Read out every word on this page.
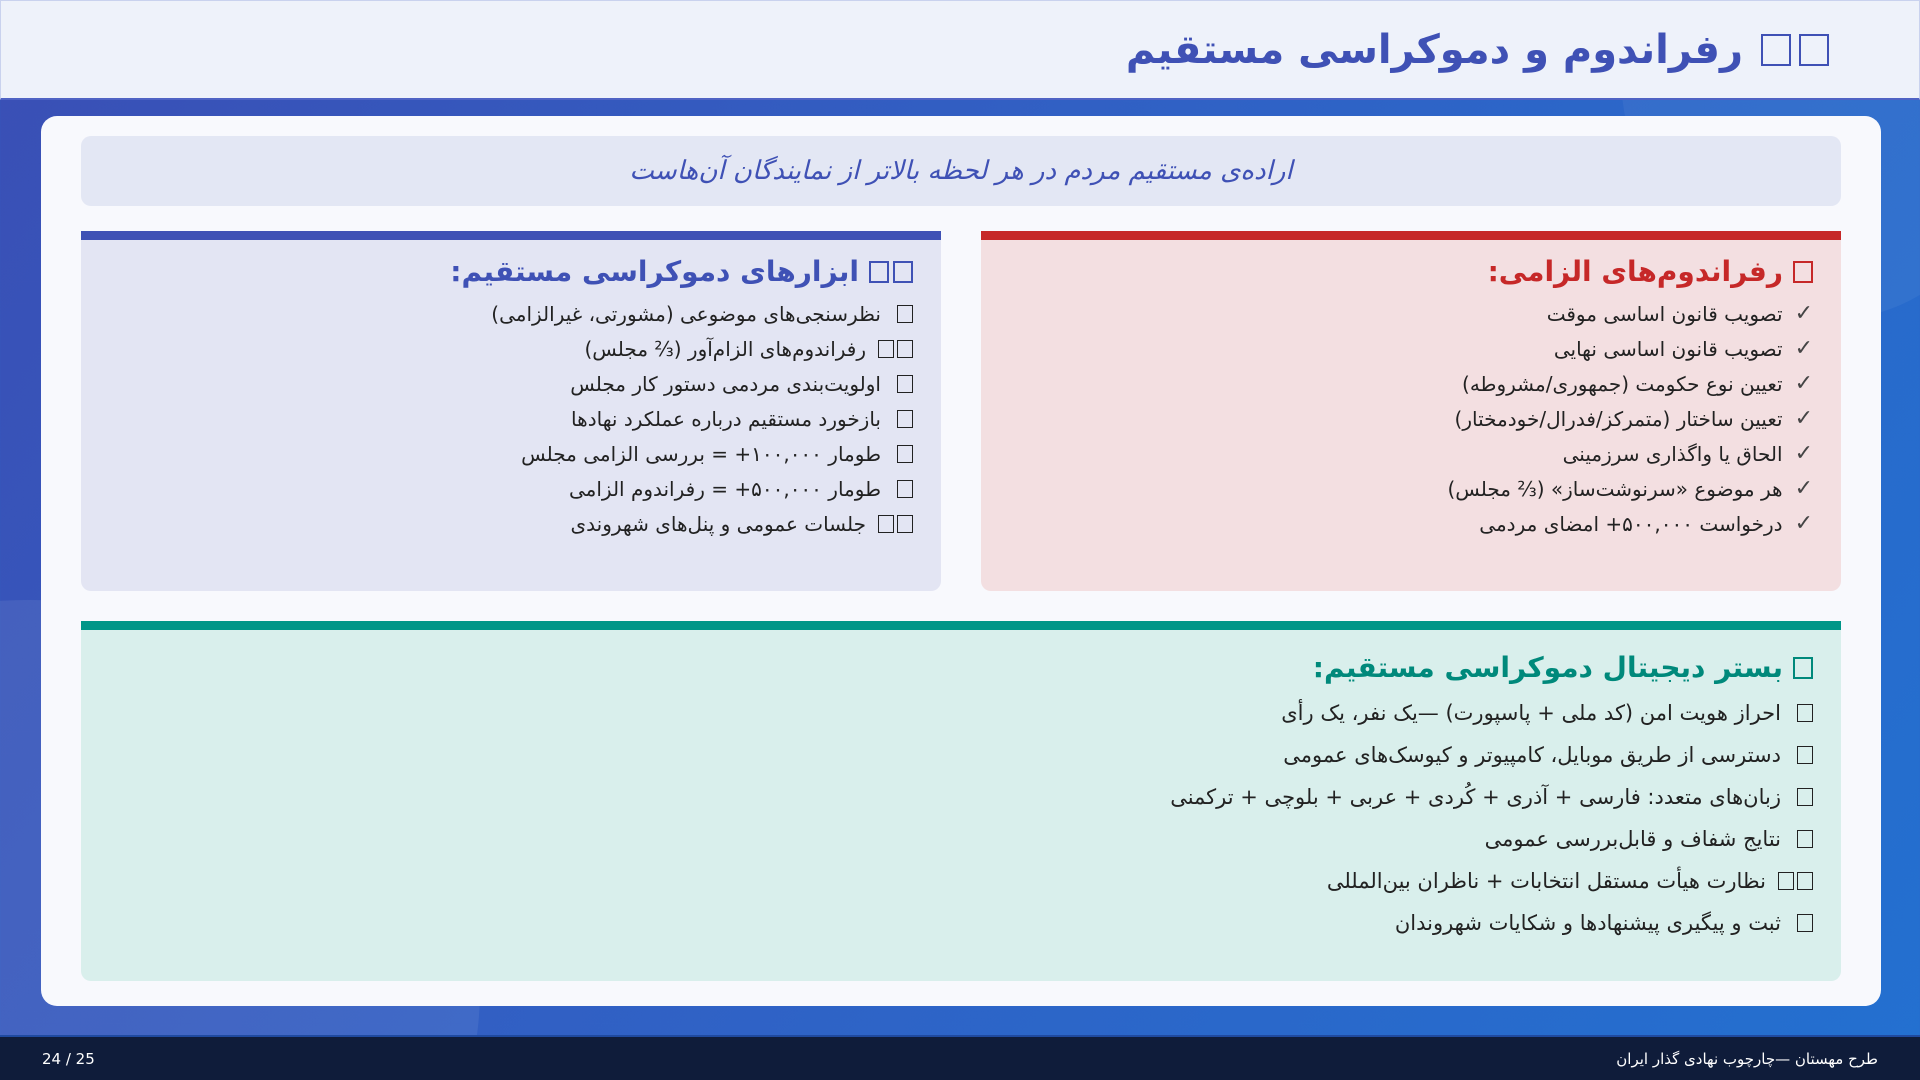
رفراندوم و دموکراسی مستقیم
اراده‌ی مستقیم مردم در هر لحظه بالاتر از نمایندگان آن‌هاست
رفراندوم‌های الزامی:
✓
تصویب قانون اساسی موقت
✓
تصویب قانون اساسی نهایی
✓
تعیین نوع حکومت (جمهوری/مشروطه)
✓
تعیین ساختار (متمرکز/فدرال/خودمختار)
✓
الحاق یا واگذاری سرزمینی
✓
هر موضوع «سرنوشت‌ساز» (⅔ مجلس)
✓
درخواست ۵۰۰,۰۰۰+ امضای مردمی
ابزارهای دموکراسی مستقیم:
نظرسنجی‌های موضوعی (مشورتی، غیرالزامی)
رفراندوم‌های الزام‌آور (⅔ مجلس)
اولویت‌بندی مردمی دستور کار مجلس
بازخورد مستقیم درباره عملکرد نهادها
طومار ۱۰۰,۰۰۰+ = بررسی الزامی مجلس
طومار ۵۰۰,۰۰۰+ = رفراندوم الزامی
جلسات عمومی و پنل‌های شهروندی
بستر دیجیتال دموکراسی مستقیم:
احراز هویت امن (کد ملی + پاسپورت) —یک نفر، یک رأی
دسترسی از طریق موبایل، کامپیوتر و کیوسک‌های عمومی
زبان‌های متعدد: فارسی + آذری + کُردی + عربی + بلوچی + ترکمنی
نتایج شفاف و قابل‌بررسی عمومی
نظارت هیأت مستقل انتخابات + ناظران بین‌المللی
ثبت و پیگیری پیشنهادها و شکایات شهروندان
طرح مهستان —چارچوب نهادی گذار ایران
24 / 25
